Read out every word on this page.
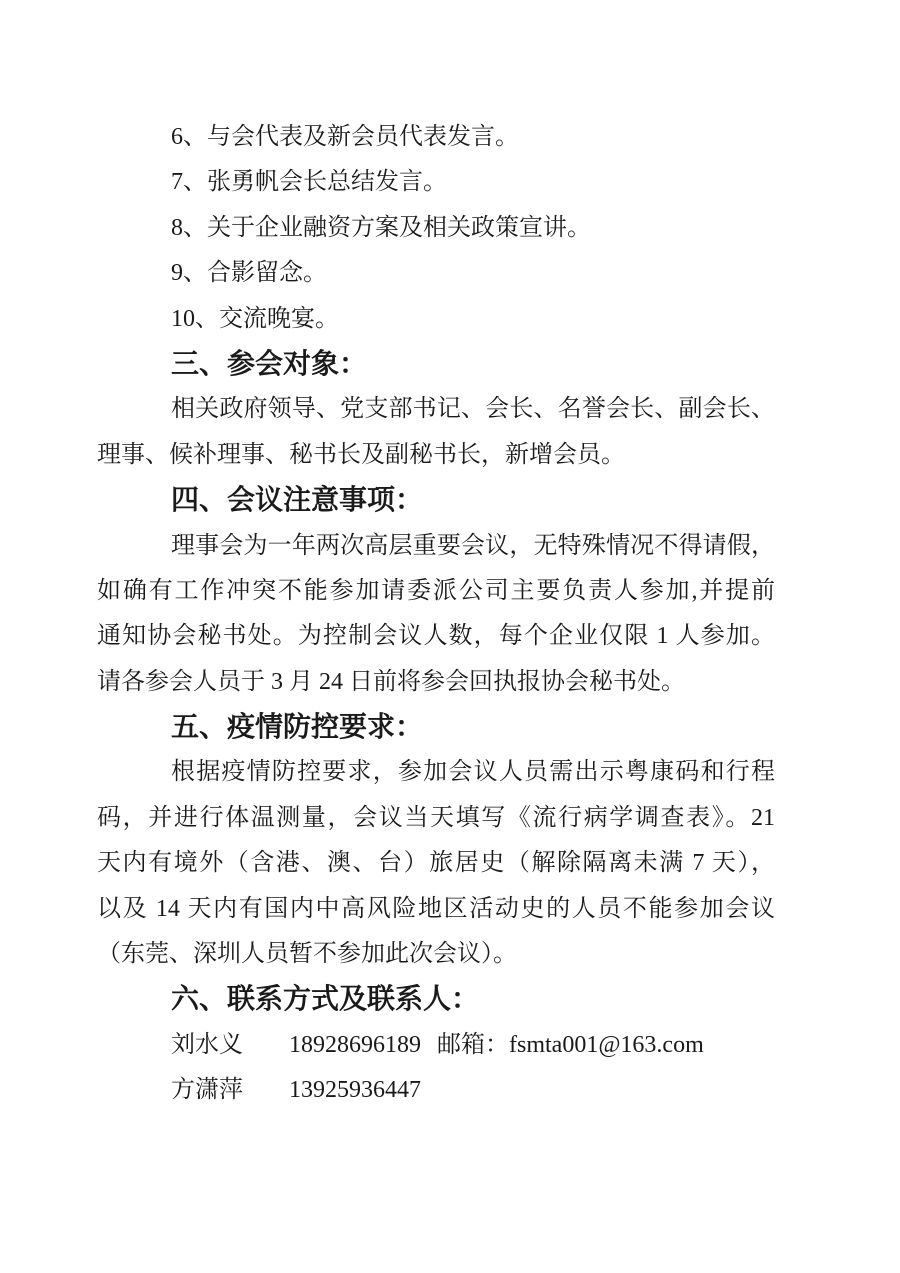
6、与会代表及新会员代表发言。
7、张勇帆会长总结发言。
8、关于企业融资方案及相关政策宣讲。
9、合影留念。
10、交流晚宴。
三、参会对象：
相关政府领导、党支部书记、会长、名誉会长、副会长、
理事、候补理事、秘书长及副秘书长，新增会员。
四、会议注意事项：
理事会为一年两次高层重要会议，无特殊情况不得请假，
如确有工作冲突不能参加请委派公司主要负责人参加,并提前
通知协会秘书处。为控制会议人数，每个企业仅限 1 人参加。
请各参会人员于 3 月 24 日前将参会回执报协会秘书处。
五、疫情防控要求：
根据疫情防控要求，参加会议人员需出示粤康码和行程
码，并进行体温测量，会议当天填写《流行病学调查表》。21
天内有境外（含港、澳、台）旅居史（解除隔离未满 7 天），
以及 14 天内有国内中高风险地区活动史的人员不能参加会议
（东莞、深圳人员暂不参加此次会议）。
六、联系方式及联系人：
刘水义 18928696189 邮箱：fsmta001@163.com
方潇萍 13925936447
